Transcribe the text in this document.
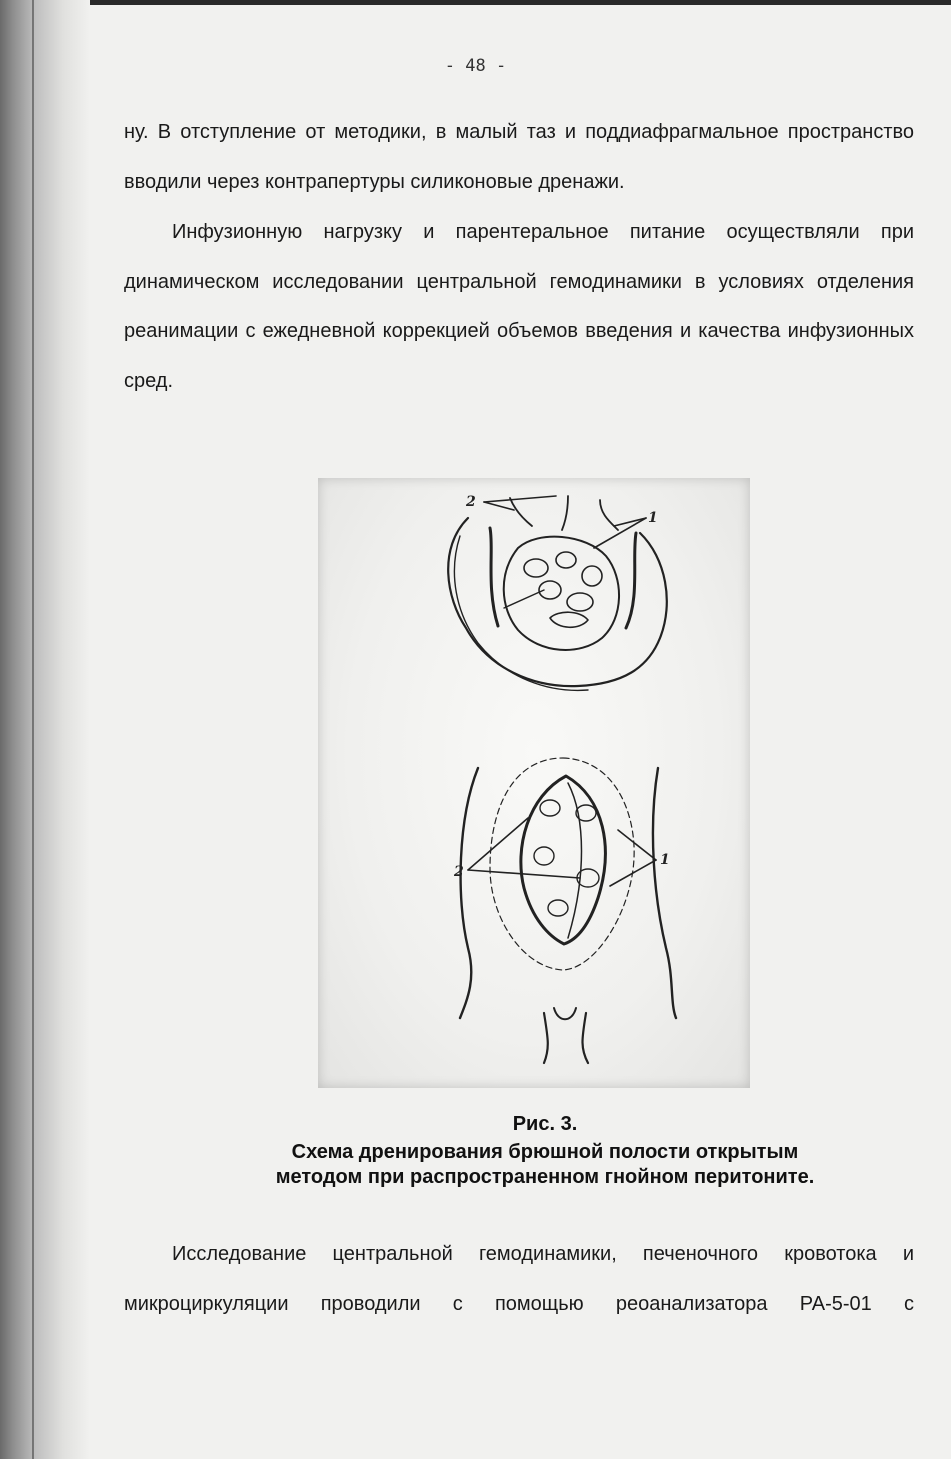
- 48 -
ну. В отступление от методики, в малый таз и поддиафрагмальное пространство вводили через контрапертуры силиконовые дренажи.
Инфузионную нагрузку и парентеральное питание осуществляли при динамическом исследовании центральной гемодинамики в условиях отделения реанимации с ежедневной коррекцией объемов введения и качества инфузионных сред.
2
1
2
1
Рис. 3.
Схема дренирования брюшной полости открытым
методом при распространенном гнойном перитоните.
Исследование центральной гемодинамики, печеночного кровотока и микроциркуляции проводили с помощью реоанализатора РА-5-01 с
